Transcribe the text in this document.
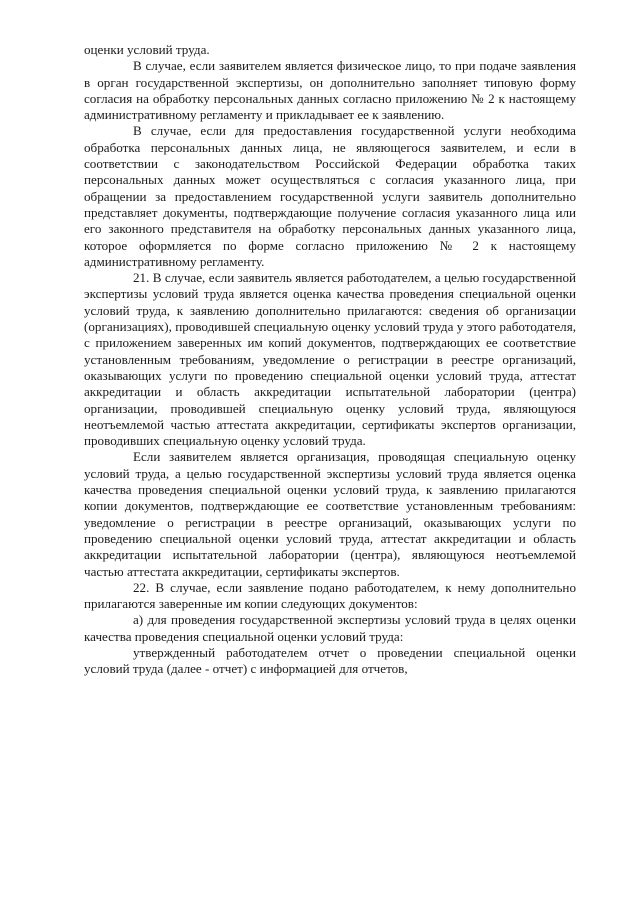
оценки условий труда.

В случае, если заявителем является физическое лицо, то при подаче заявления в орган государственной экспертизы, он дополнительно заполняет типовую форму согласия на обработку персональных данных согласно приложению № 2 к настоящему административному регламенту и прикладывает ее к заявлению.

В случае, если для предоставления государственной услуги необходима обработка персональных данных лица, не являющегося заявителем, и если в соответствии с законодательством Российской Федерации обработка таких персональных данных может осуществляться с согласия указанного лица, при обращении за предоставлением государственной услуги заявитель дополнительно представляет документы, подтверждающие получение согласия указанного лица или его законного представителя на обработку персональных данных указанного лица, которое оформляется по форме согласно приложению № 2 к настоящему административному регламенту.

21. В случае, если заявитель является работодателем, а целью государственной экспертизы условий труда является оценка качества проведения специальной оценки условий труда, к заявлению дополнительно прилагаются: сведения об организации (организациях), проводившей специальную оценку условий труда у этого работодателя, с приложением заверенных им копий документов, подтверждающих ее соответствие установленным требованиям, уведомление о регистрации в реестре организаций, оказывающих услуги по проведению специальной оценки условий труда, аттестат аккредитации и область аккредитации испытательной лаборатории (центра) организации, проводившей специальную оценку условий труда, являющуюся неотъемлемой частью аттестата аккредитации, сертификаты экспертов организации, проводивших специальную оценку условий труда.

Если заявителем является организация, проводящая специальную оценку условий труда, а целью государственной экспертизы условий труда является оценка качества проведения специальной оценки условий труда, к заявлению прилагаются копии документов, подтверждающие ее соответствие установленным требованиям: уведомление о регистрации в реестре организаций, оказывающих услуги по проведению специальной оценки условий труда, аттестат аккредитации и область аккредитации испытательной лаборатории (центра), являющуюся неотъемлемой частью аттестата аккредитации, сертификаты экспертов.

22. В случае, если заявление подано работодателем, к нему дополнительно прилагаются заверенные им копии следующих документов:

а) для проведения государственной экспертизы условий труда в целях оценки качества проведения специальной оценки условий труда:

утвержденный работодателем отчет о проведении специальной оценки условий труда (далее - отчет) с информацией для отчетов,
